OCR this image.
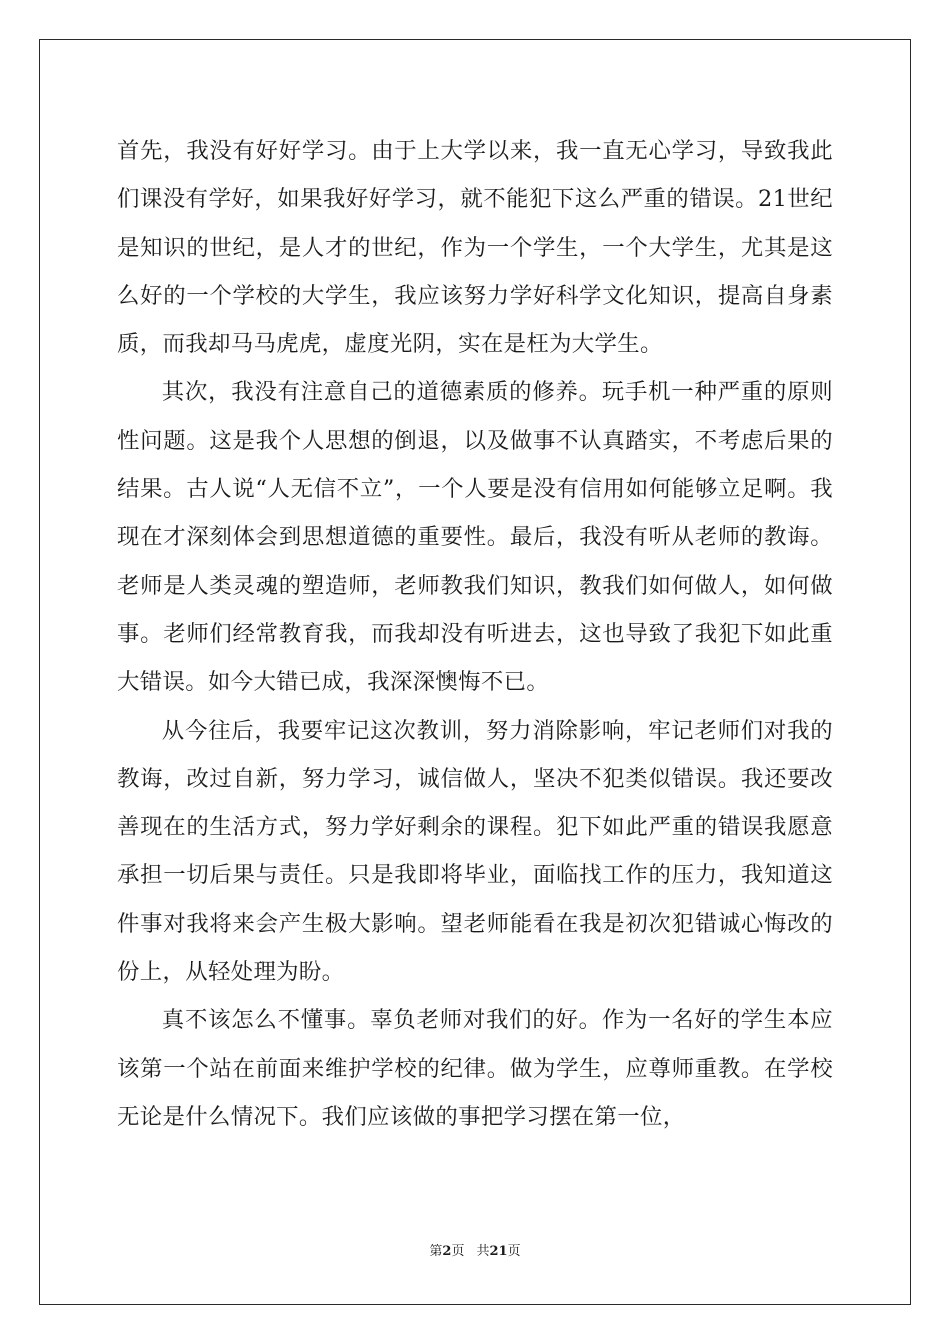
首先，我没有好好学习。由于上大学以来，我一直无心学习，导致我此们课没有学好，如果我好好学习，就不能犯下这么严重的错误。21世纪是知识的世纪，是人才的世纪，作为一个学生，一个大学生，尤其是这么好的一个学校的大学生，我应该努力学好科学文化知识，提高自身素质，而我却马马虎虎，虚度光阴，实在是枉为大学生。

其次，我没有注意自己的道德素质的修养。玩手机一种严重的原则性问题。这是我个人思想的倒退，以及做事不认真踏实，不考虑后果的结果。古人说“人无信不立”，一个人要是没有信用如何能够立足啊。我现在才深刻体会到思想道德的重要性。最后，我没有听从老师的教诲。老师是人类灵魂的塑造师，老师教我们知识，教我们如何做人，如何做事。老师们经常教育我，而我却没有听进去，这也导致了我犯下如此重大错误。如今大错已成，我深深懊悔不已。

从今往后，我要牢记这次教训，努力消除影响，牢记老师们对我的教诲，改过自新，努力学习，诚信做人，坚决不犯类似错误。我还要改善现在的生活方式，努力学好剩余的课程。犯下如此严重的错误我愿意承担一切后果与责任。只是我即将毕业，面临找工作的压力，我知道这件事对我将来会产生极大影响。望老师能看在我是初次犯错诚心悔改的份上，从轻处理为盼。

真不该怎么不懂事。辜负老师对我们的好。作为一名好的学生本应该第一个站在前面来维护学校的纪律。做为学生，应尊师重教。在学校无论是什么情况下。我们应该做的事把学习摆在第一位，

第2页 共21页
